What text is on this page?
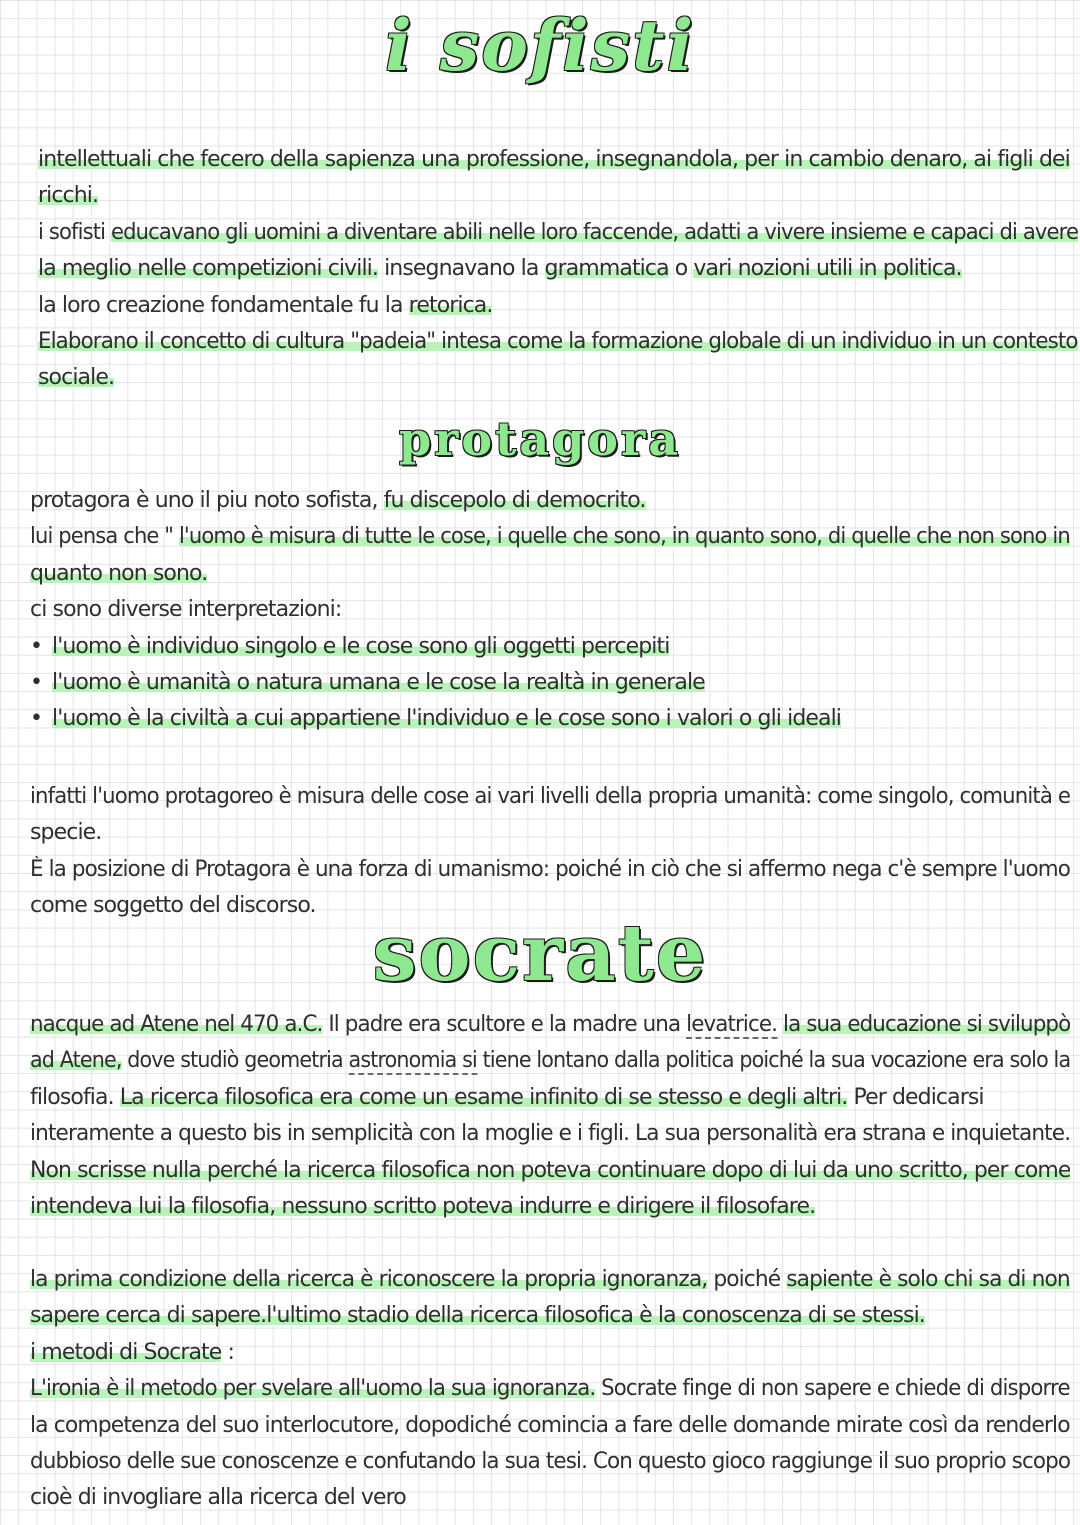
i sofisti
intellettuali che fecero della sapienza una professione, insegnandola, per in cambio denaro, ai figli dei
ricchi.
i sofisti educavano gli uomini a diventare abili nelle loro faccende, adatti a vivere insieme e capaci di avere
la meglio nelle competizioni civili. insegnavano la grammatica o vari nozioni utili in politica.
la loro creazione fondamentale fu la retorica.
Elaborano il concetto di cultura "padeia" intesa come la formazione globale di un individuo in un contesto
sociale.
protagora
protagora è uno il piu noto sofista, fu discepolo di democrito.
lui pensa che " l'uomo è misura di tutte le cose, i quelle che sono, in quanto sono, di quelle che non sono in
quanto non sono.
ci sono diverse interpretazioni:
• l'uomo è individuo singolo e le cose sono gli oggetti percepiti
• l'uomo è umanità o natura umana e le cose la realtà in generale
• l'uomo è la civiltà a cui appartiene l'individuo e le cose sono i valori o gli ideali
infatti l'uomo protagoreo è misura delle cose ai vari livelli della propria umanità: come singolo, comunità e
specie.
È la posizione di Protagora è una forza di umanismo: poiché in ciò che si affermo nega c'è sempre l'uomo
come soggetto del discorso.
socrate
nacque ad Atene nel 470 a.C. Il padre era scultore e la madre una levatrice. la sua educazione si sviluppò
ad Atene, dove studiò geometria astronomia si tiene lontano dalla politica poiché la sua vocazione era solo la
filosofia. La ricerca filosofica era come un esame infinito di se stesso e degli altri. Per dedicarsi
interamente a questo bis in semplicità con la moglie e i figli. La sua personalità era strana e inquietante.
Non scrisse nulla perché la ricerca filosofica non poteva continuare dopo di lui da uno scritto, per come
intendeva lui la filosofia, nessuno scritto poteva indurre e dirigere il filosofare.
la prima condizione della ricerca è riconoscere la propria ignoranza, poiché sapiente è solo chi sa di non
sapere cerca di sapere.l'ultimo stadio della ricerca filosofica è la conoscenza di se stessi.
i metodi di Socrate :
L'ironia è il metodo per svelare all'uomo la sua ignoranza. Socrate finge di non sapere e chiede di disporre
la competenza del suo interlocutore, dopodiché comincia a fare delle domande mirate così da renderlo
dubbioso delle sue conoscenze e confutando la sua tesi. Con questo gioco raggiunge il suo proprio scopo
cioè di invogliare alla ricerca del vero
